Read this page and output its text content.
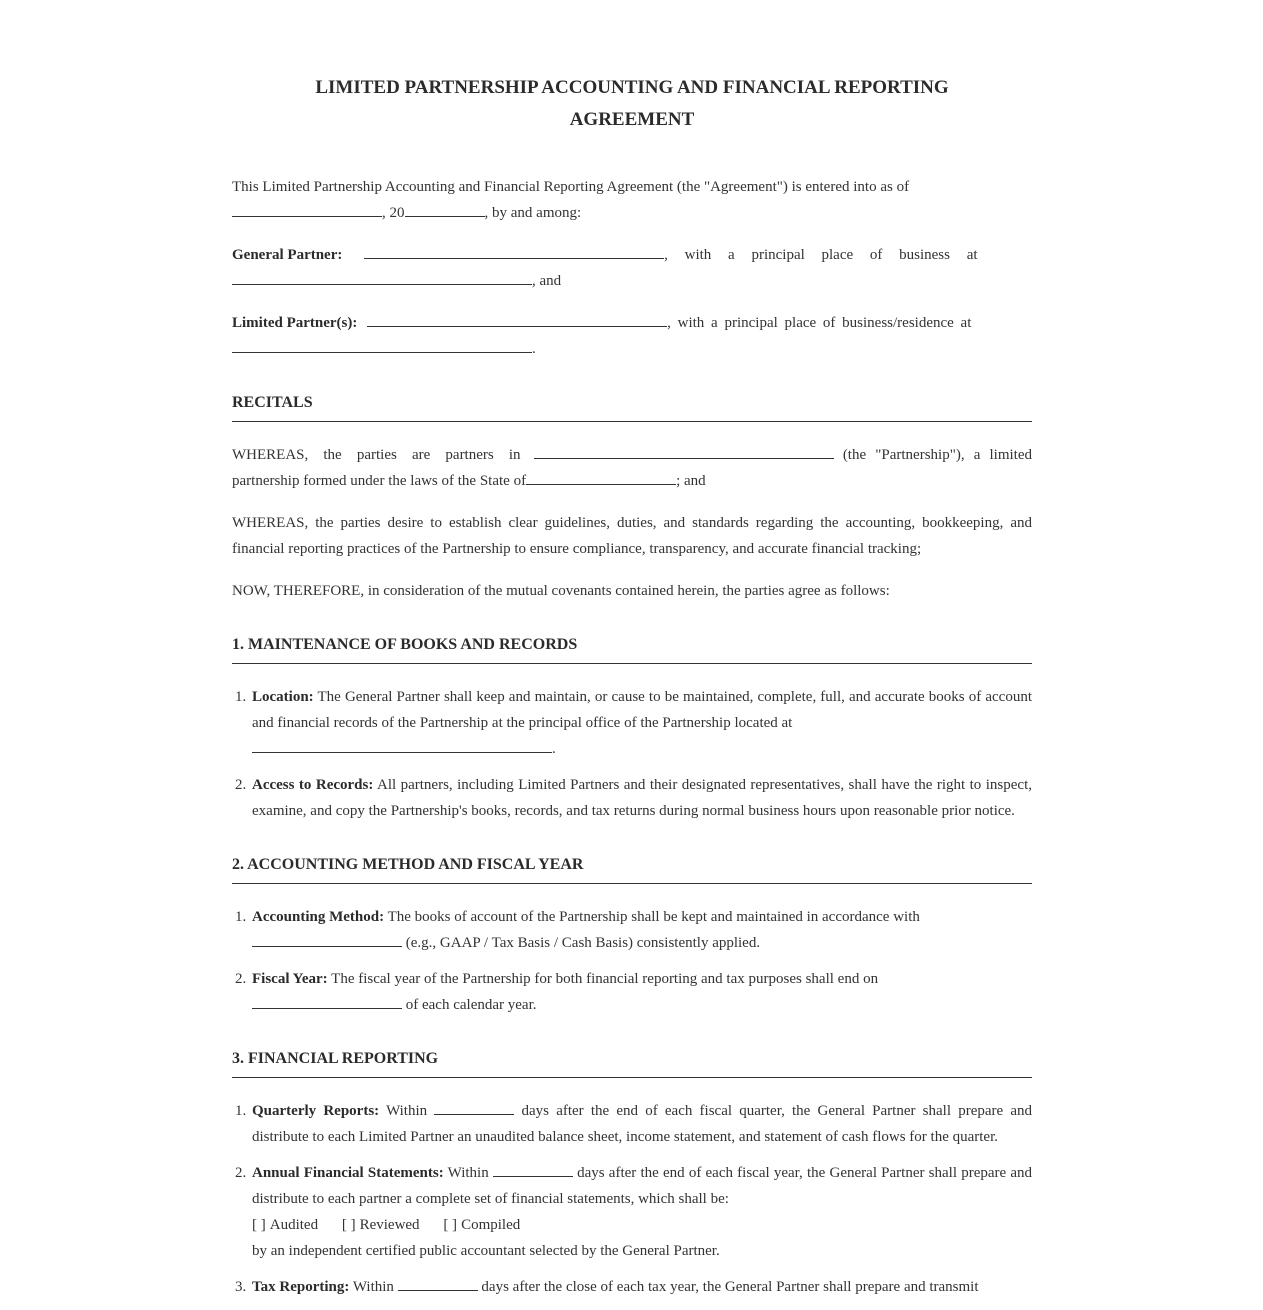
LIMITED PARTNERSHIP ACCOUNTING AND FINANCIAL REPORTING
AGREEMENT

This Limited Partnership Accounting and Financial Reporting Agreement (the "Agreement") is entered into as of
, 20	, by and among:

General Partner:	, with a principal place of business at
, and

Limited Partner(s):	, with a principal place of business/residence at
.

RECITALS

WHEREAS, the parties are partners in	(the "Partnership"), a limited partnership formed under the laws of the State of	; and

WHEREAS, the parties desire to establish clear guidelines, duties, and standards regarding the accounting, bookkeeping, and financial reporting practices of the Partnership to ensure compliance, transparency, and accurate financial tracking;

NOW, THEREFORE, in consideration of the mutual covenants contained herein, the parties agree as follows:

1. MAINTENANCE OF BOOKS AND RECORDS
1. Location: The General Partner shall keep and maintain, or cause to be maintained, complete, full, and accurate books of account and financial records of the Partnership at the principal office of the Partnership located at
.
2. Access to Records: All partners, including Limited Partners and their designated representatives, shall have the right to inspect, examine, and copy the Partnership's books, records, and tax returns during normal business hours upon reasonable prior notice.
2. ACCOUNTING METHOD AND FISCAL YEAR
1. Accounting Method: The books of account of the Partnership shall be kept and maintained in accordance with
(e.g., GAAP / Tax Basis / Cash Basis) consistently applied.
2. Fiscal Year: The fiscal year of the Partnership for both financial reporting and tax purposes shall end on
of each calendar year.
3. FINANCIAL REPORTING
1. Quarterly Reports: Within	days after the end of each fiscal quarter, the General Partner shall prepare and distribute to each Limited Partner an unaudited balance sheet, income statement, and statement of cash flows for the quarter.
2. Annual Financial Statements: Within	days after the end of each fiscal year, the General Partner shall prepare and distribute to each partner a complete set of financial statements, which shall be:
[ ] Audited [ ] Reviewed [ ] Compiled
by an independent certified public accountant selected by the General Partner.
3. Tax Reporting: Within	days after the close of each tax year, the General Partner shall prepare and transmit
